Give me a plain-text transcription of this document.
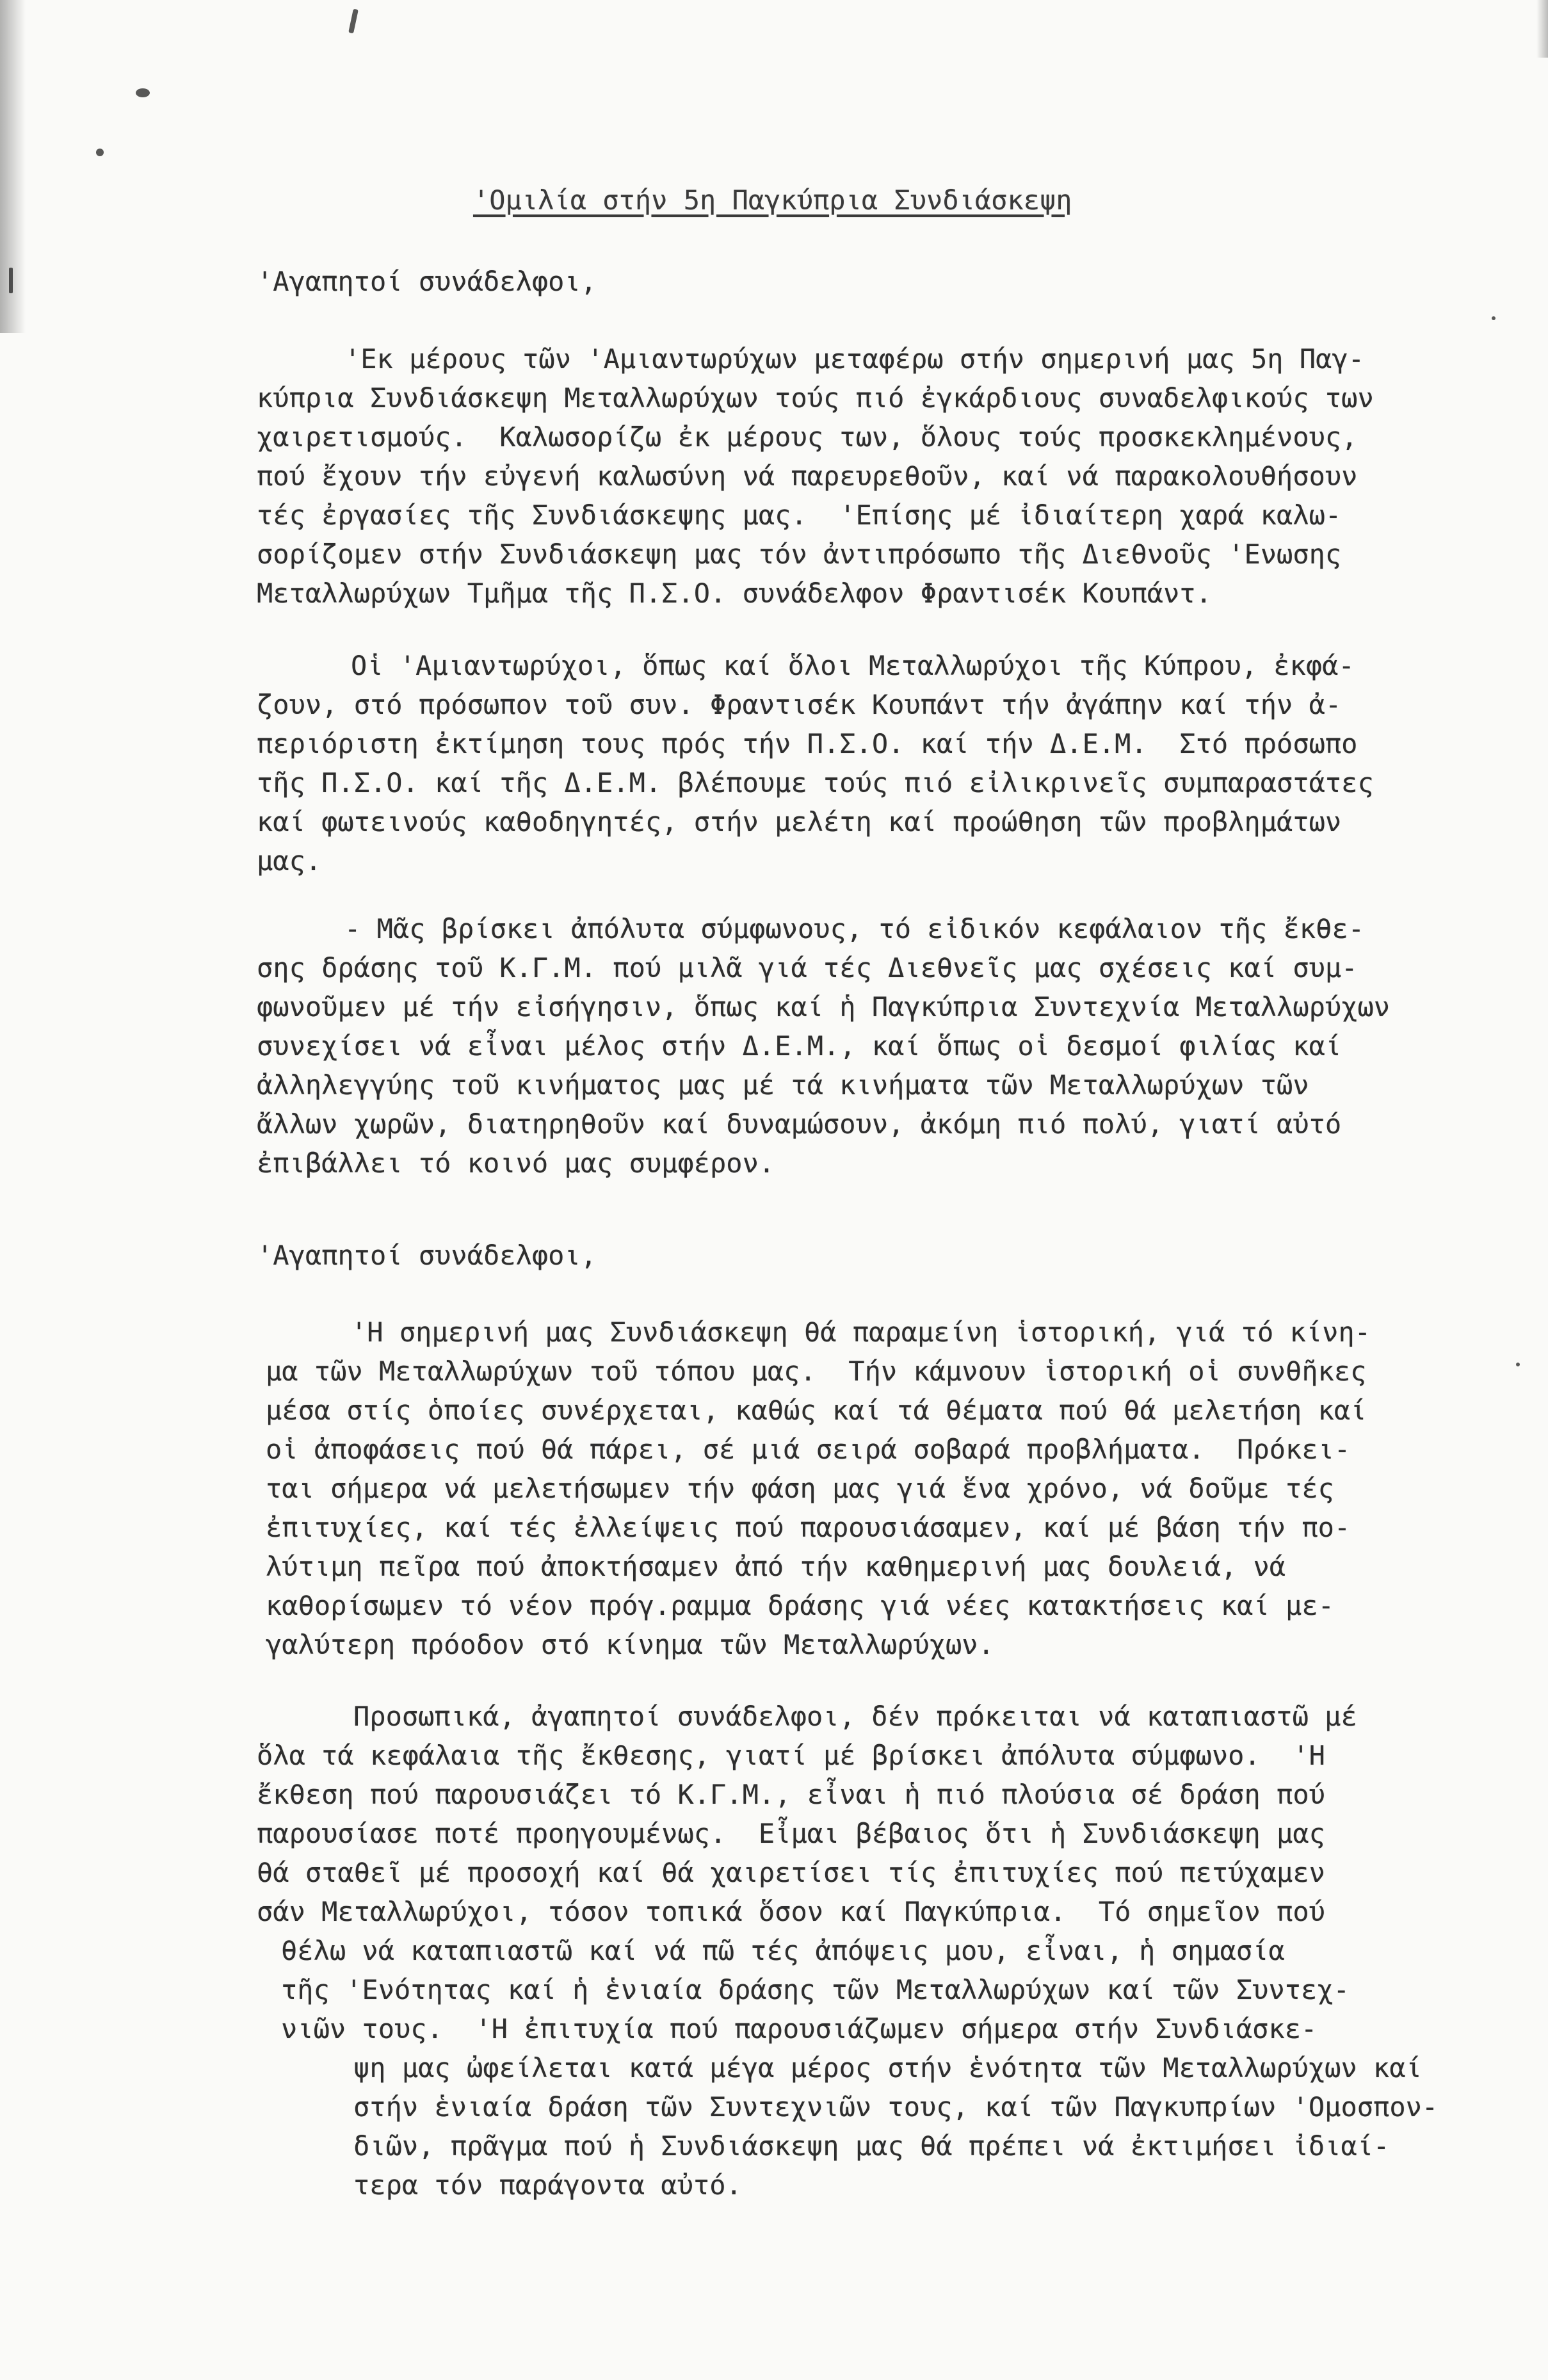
'Ομιλία στήν 5η Παγκύπρια Συνδιάσκεψη
'Αγαπητοί συνάδελφοι,
'Εκ μέρους τῶν 'Αμιαντωρύχων μεταφέρω στήν σημερινή μας 5η Παγ-
κύπρια Συνδιάσκεψη Μεταλλωρύχων τούς πιό ἐγκάρδιους συναδελφικούς των
χαιρετισμούς.  Καλωσορίζω ἐκ μέρους των, ὅλους τούς προσκεκλημένους,
πού ἔχουν τήν εὐγενή καλωσύνη νά παρευρεθοῦν, καί νά παρακολουθήσουν
τές ἐργασίες τῆς Συνδιάσκεψης μας.  'Επίσης μέ ἰδιαίτερη χαρά καλω-
σορίζομεν στήν Συνδιάσκεψη μας τόν ἀντιπρόσωπο τῆς Διεθνοῦς 'Ενωσης
Μεταλλωρύχων Τμῆμα τῆς Π.Σ.Ο. συνάδελφον Φραντισέκ Κουπάντ.
Οἱ 'Αμιαντωρύχοι, ὅπως καί ὅλοι Μεταλλωρύχοι τῆς Κύπρου, ἐκφά-
ζουν, στό πρόσωπον τοῦ συν. Φραντισέκ Κουπάντ τήν ἀγάπην καί τήν ἀ-
περιόριστη ἐκτίμηση τους πρός τήν Π.Σ.Ο. καί τήν Δ.Ε.Μ.  Στό πρόσωπο
τῆς Π.Σ.Ο. καί τῆς Δ.Ε.Μ. βλέπουμε τούς πιό εἰλικρινεῖς συμπαραστάτες
καί φωτεινούς καθοδηγητές, στήν μελέτη καί προώθηση τῶν προβλημάτων
μας.
- Μᾶς βρίσκει ἀπόλυτα σύμφωνους, τό εἰδικόν κεφάλαιον τῆς ἔκθε-
σης δράσης τοῦ Κ.Γ.Μ. πού μιλᾶ γιά τές Διεθνεῖς μας σχέσεις καί συμ-
φωνοῦμεν μέ τήν εἰσήγησιν, ὅπως καί ἡ Παγκύπρια Συντεχνία Μεταλλωρύχων
συνεχίσει νά εἶναι μέλος στήν Δ.Ε.Μ., καί ὅπως οἱ δεσμοί φιλίας καί
ἀλληλεγγύης τοῦ κινήματος μας μέ τά κινήματα τῶν Μεταλλωρύχων τῶν
ἄλλων χωρῶν, διατηρηθοῦν καί δυναμώσουν, ἀκόμη πιό πολύ, γιατί αὐτό
ἐπιβάλλει τό κοινό μας συμφέρον.
'Αγαπητοί συνάδελφοι,
'Η σημερινή μας Συνδιάσκεψη θά παραμείνη ἱστορική, γιά τό κίνη-
μα τῶν Μεταλλωρύχων τοῦ τόπου μας.  Τήν κάμνουν ἱστορική οἱ συνθῆκες
μέσα στίς ὁποίες συνέρχεται, καθώς καί τά θέματα πού θά μελετήση καί
οἱ ἀποφάσεις πού θά πάρει, σέ μιά σειρά σοβαρά προβλήματα.  Πρόκει-
ται σήμερα νά μελετήσωμεν τήν φάση μας γιά ἕνα χρόνο, νά δοῦμε τές
ἐπιτυχίες, καί τές ἐλλείψεις πού παρουσιάσαμεν, καί μέ βάση τήν πο-
λύτιμη πεῖρα πού ἀποκτήσαμεν ἀπό τήν καθημερινή μας δουλειά, νά
καθορίσωμεν τό νέον πρόγ.ραμμα δράσης γιά νέες κατακτήσεις καί με-
γαλύτερη πρόοδον στό κίνημα τῶν Μεταλλωρύχων.
Προσωπικά, ἀγαπητοί συνάδελφοι, δέν πρόκειται νά καταπιαστῶ μέ
ὅλα τά κεφάλαια τῆς ἔκθεσης, γιατί μέ βρίσκει ἀπόλυτα σύμφωνο.  'Η
ἔκθεση πού παρουσιάζει τό Κ.Γ.Μ., εἶναι ἡ πιό πλούσια σέ δράση πού
παρουσίασε ποτέ προηγουμένως.  Εἶμαι βέβαιος ὅτι ἡ Συνδιάσκεψη μας
θά σταθεῖ μέ προσοχή καί θά χαιρετίσει τίς ἐπιτυχίες πού πετύχαμεν
σάν Μεταλλωρύχοι, τόσον τοπικά ὅσον καί Παγκύπρια.  Τό σημεῖον πού
θέλω νά καταπιαστῶ καί νά πῶ τές ἀπόψεις μου, εἶναι, ἡ σημασία
τῆς 'Ενότητας καί ἡ ἑνιαία δράσης τῶν Μεταλλωρύχων καί τῶν Συντεχ-
νιῶν τους.  'Η ἐπιτυχία πού παρουσιάζωμεν σήμερα στήν Συνδιάσκε-
ψη μας ὠφείλεται κατά μέγα μέρος στήν ἑνότητα τῶν Μεταλλωρύχων καί
στήν ἑνιαία δράση τῶν Συντεχνιῶν τους, καί τῶν Παγκυπρίων 'Ομοσπον-
διῶν, πρᾶγμα πού ἡ Συνδιάσκεψη μας θά πρέπει νά ἐκτιμήσει ἰδιαί-
τερα τόν παράγοντα αὐτό.
